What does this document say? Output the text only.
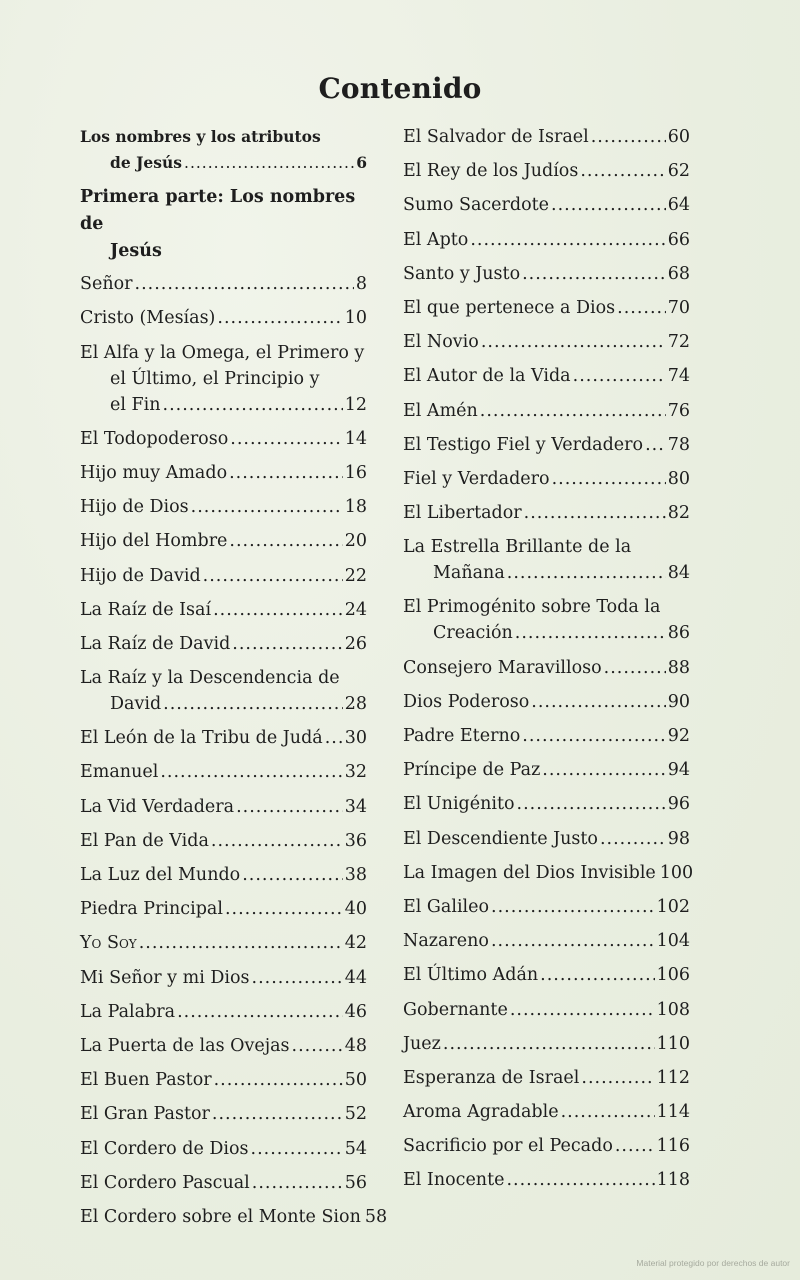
Contenido
Los nombres y los atributos
de Jesús .....	6
Primera parte: Los nombres de
Jesús
Señor .....	8
Cristo (Mesías) .....	10
El Alfa y la Omega, el Primero y
el Último, el Principio y
el Fin .....	12
El Todopoderoso .....	14
Hijo muy Amado .....	16
Hijo de Dios .....	18
Hijo del Hombre .....	20
Hijo de David .....	22
La Raíz de Isaí .....	24
La Raíz de David .....	26
La Raíz y la Descendencia de
David .....	28
El León de la Tribu de Judá ..... 30
Emanuel .....	32
La Vid Verdadera .....	34
El Pan de Vida .....	36
La Luz del Mundo .....	38
Piedra Principal .....	40
Yo Soy .....	42
Mi Señor y mi Dios .....	44
La Palabra .....	46
La Puerta de las Ovejas .....	48
El Buen Pastor .....	50
El Gran Pastor .....	52
El Cordero de Dios .....	54
El Cordero Pascual .....	56
El Cordero sobre el Monte Sion 58
El Salvador de Israel .....	60
El Rey de los Judíos .....	62
Sumo Sacerdote .....	64
El Apto .....	66
Santo y Justo .....	68
El que pertenece a Dios .....	70
El Novio .....	72
El Autor de la Vida .....	74
El Amén .....	76
El Testigo Fiel y Verdadero ..... 78
Fiel y Verdadero .....	80
El Libertador .....	82
La Estrella Brillante de la
Mañana .....	84
El Primogénito sobre Toda la
Creación .....	86
Consejero Maravilloso .....	88
Dios Poderoso .....	90
Padre Eterno .....	92
Príncipe de Paz .....	94
El Unigénito .....	96
El Descendiente Justo .....	98
La Imagen del Dios Invisible 100
El Galileo .....	102
Nazareno .....	104
El Último Adán .....	106
Gobernante .....	108
Juez .....	110
Esperanza de Israel .....	112
Aroma Agradable .....	114
Sacrificio por el Pecado ..... 116
El Inocente .....	118
Material protegido por derechos de autor
